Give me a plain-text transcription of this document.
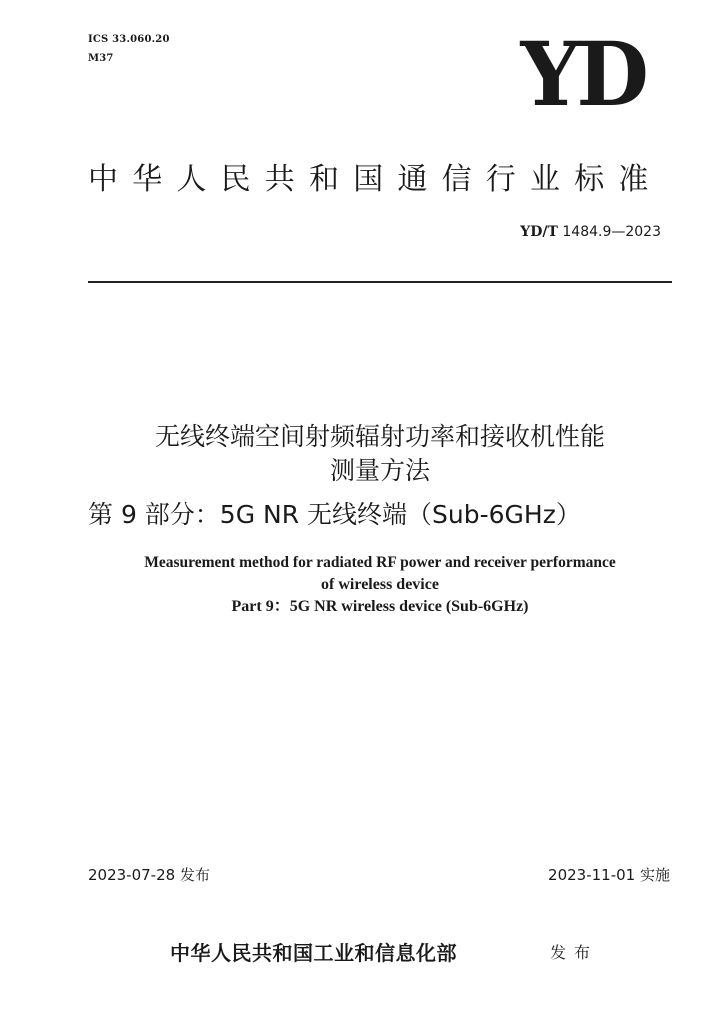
ICS 33.060.20
M37	YD
中华人民共和国通信行业标准
YD/T 1484.9—2023
无线终端空间射频辐射功率和接收机性能
测量方法
第 9 部分：5G NR 无线终端（Sub-6GHz）
Measurement method for radiated RF power and receiver performance
of wireless device
Part 9：5G NR wireless device (Sub-6GHz)
2023-07-28 发布	2023-11-01 实施
中华人民共和国工业和信息化部	发布
